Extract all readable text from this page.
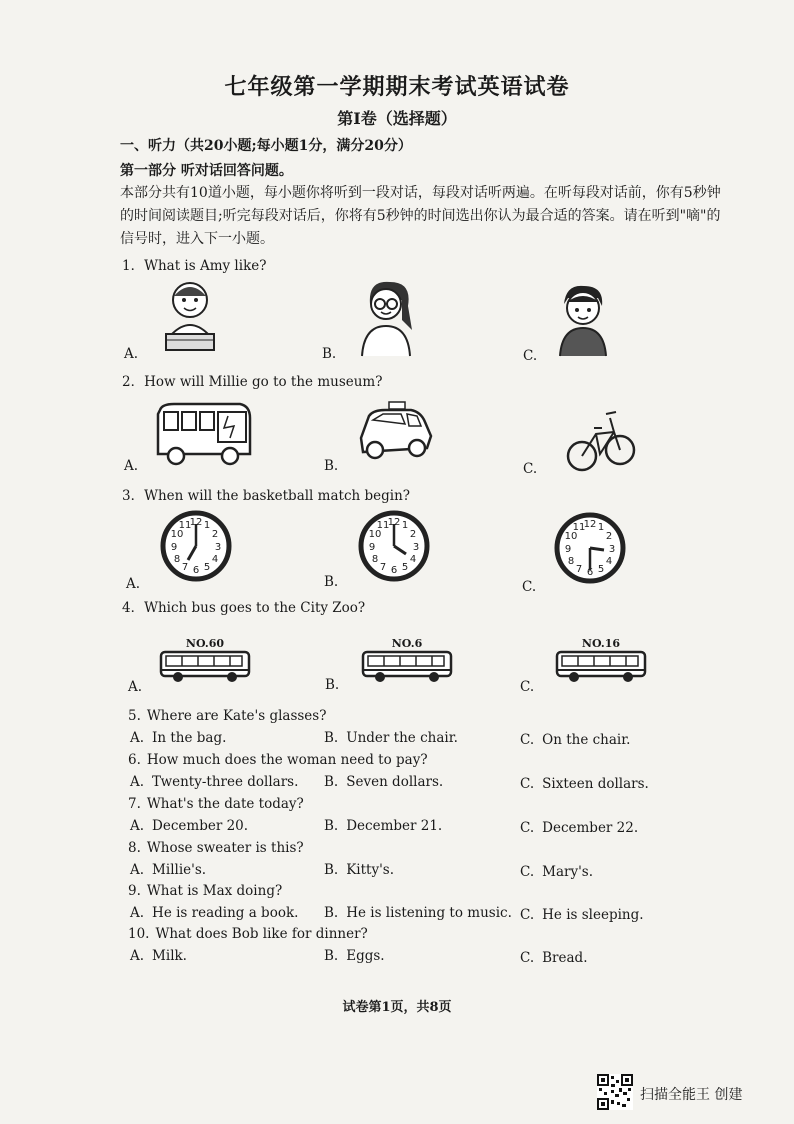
七年级第一学期期末考试英语试卷
第Ⅰ卷（选择题）
一、听力（共20小题;每小题1分，满分20分）
第一部分 听对话回答问题。
本部分共有10道小题，每小题你将听到一段对话，每段对话听两遍。在听每段对话前，你有5秒钟的时间阅读题目;听完每段对话后，你将有5秒钟的时间选出你认为最合适的答案。请在听到"嘀"的信号时，进入下一小题。
1．What is Amy like?
A.	B.	C.
2．How will Millie go to the museum?
A.	B.	C.
3．When will the basketball match begin?
12 1
2
3
4
5
6
7
8
9
10
11
A.
12 1
2
3
4
5
6
7
8
9
10
11
B.
12 1
2
3
4
5
6
7
8
9
10
11
C.
4．Which bus goes to the City Zoo?
NO.60
A.
NO.6
B.
NO.16
C.
5. Where are Kate's glasses?
A. In the bag.	B. Under the chair.	C. On the chair.
6. How much does the woman need to pay?
A. Twenty-three dollars. B. Seven dollars.	C. Sixteen dollars.
7. What's the date today?
A. December 20.	B. December 21.	C. December 22.
8. Whose sweater is this?
A. Millie's.	B. Kitty's.	C. Mary's.
9. What is Max doing?
A. He is reading a book. B. He is listening to music. C. He is sleeping.
10. What does Bob like for dinner?
A. Milk.	B. Eggs.	C. Bread.
试卷第1页，共8页
扫描全能王 创建
